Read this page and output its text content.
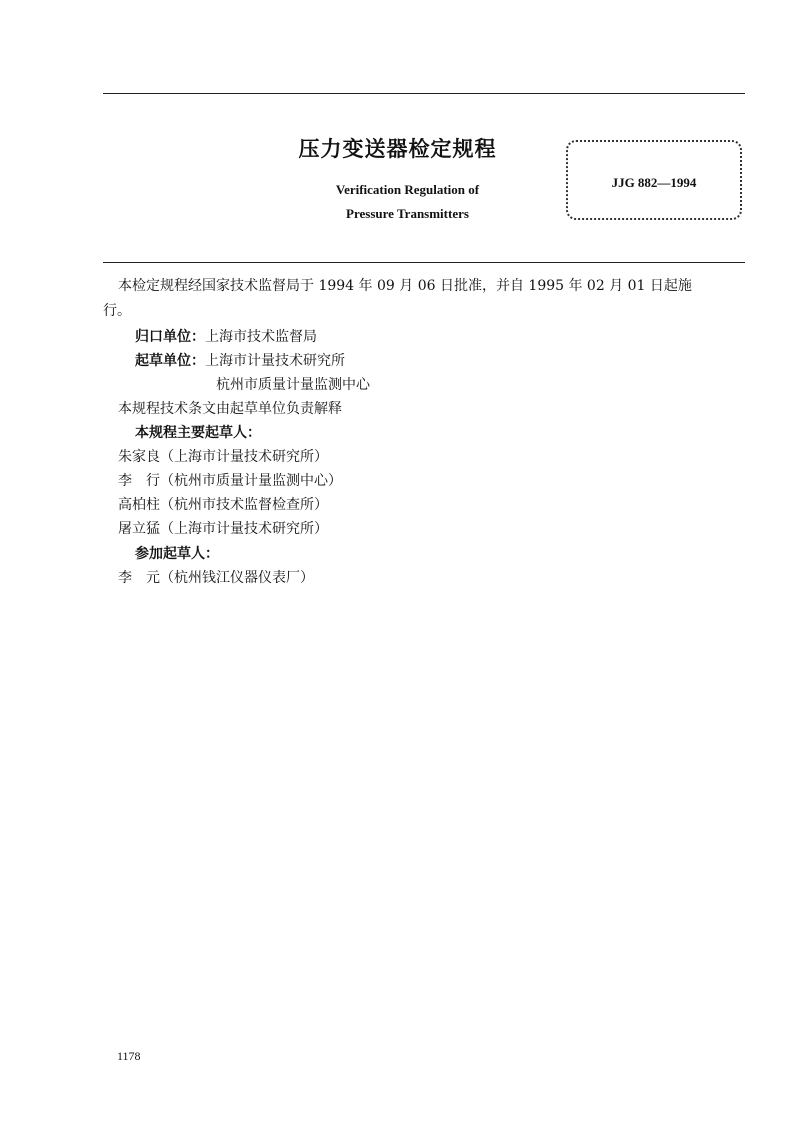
压力变送器检定规程
Verification Regulation of
Pressure Transmitters
JJG 882—1994
本检定规程经国家技术监督局于 1994 年 09 月 06 日批准，并自 1995 年 02 月 01 日起施
行。
归口单位：上海市技术监督局
起草单位：上海市计量技术研究所
杭州市质量计量监测中心
本规程技术条文由起草单位负责解释
本规程主要起草人：
朱家良（上海市计量技术研究所）
李　行（杭州市质量计量监测中心）
高柏柱（杭州市技术监督检查所）
屠立猛（上海市计量技术研究所）
参加起草人：
李　元（杭州钱江仪器仪表厂）
1178
